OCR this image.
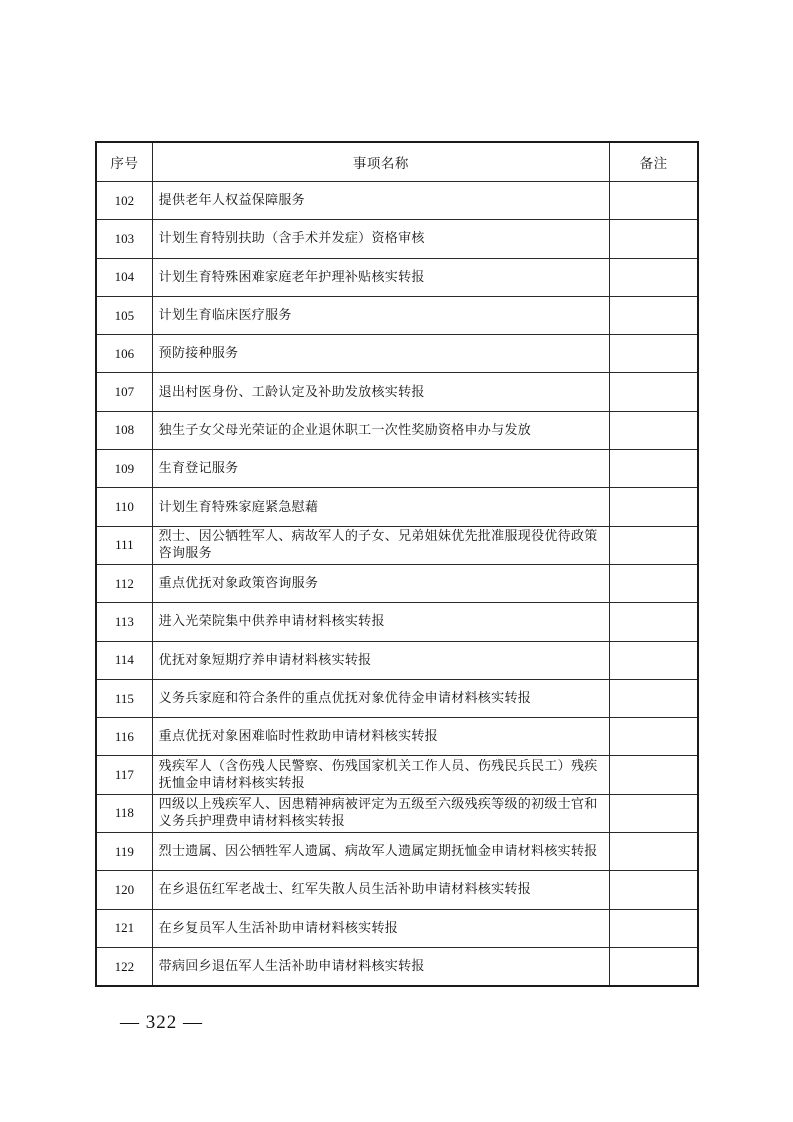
序号	事项名称	备注
102	提供老年人权益保障服务	
103	计划生育特别扶助（含手术并发症）资格审核	
104	计划生育特殊困难家庭老年护理补贴核实转报	
105	计划生育临床医疗服务	
106	预防接种服务	
107	退出村医身份、工龄认定及补助发放核实转报	
108	独生子女父母光荣证的企业退休职工一次性奖励资格申办与发放	
109	生育登记服务	
110	计划生育特殊家庭紧急慰藉	
111	烈士、因公牺牲军人、病故军人的子女、兄弟姐妹优先批准服现役优待政策咨询服务	
112	重点优抚对象政策咨询服务	
113	进入光荣院集中供养申请材料核实转报	
114	优抚对象短期疗养申请材料核实转报	
115	义务兵家庭和符合条件的重点优抚对象优待金申请材料核实转报	
116	重点优抚对象困难临时性救助申请材料核实转报	
117	残疾军人（含伤残人民警察、伤残国家机关工作人员、伤残民兵民工）残疾抚恤金申请材料核实转报	
118	四级以上残疾军人、因患精神病被评定为五级至六级残疾等级的初级士官和义务兵护理费申请材料核实转报	
119	烈士遗属、因公牺牲军人遗属、病故军人遗属定期抚恤金申请材料核实转报	
120	在乡退伍红军老战士、红军失散人员生活补助申请材料核实转报	
121	在乡复员军人生活补助申请材料核实转报	
122	带病回乡退伍军人生活补助申请材料核实转报	
— 322 —
